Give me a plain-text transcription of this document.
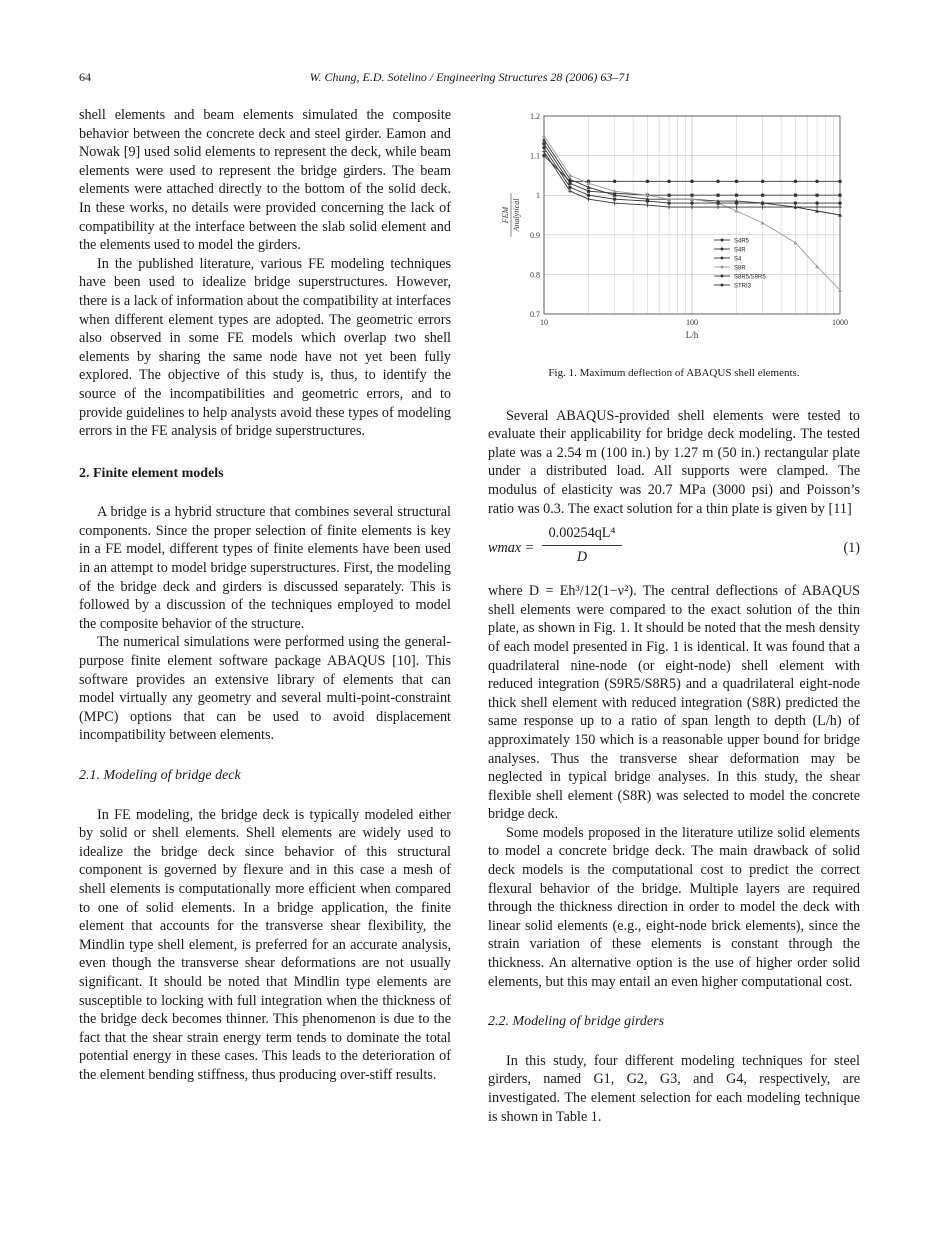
64	W. Chung, E.D. Sotelino / Engineering Structures 28 (2006) 63–71

shell elements and beam elements simulated the composite behavior between the concrete deck and steel girder. Eamon and Nowak [9] used solid elements to represent the deck, while beam elements were used to represent the bridge girders. The beam elements were attached directly to the bottom of the solid deck. In these works, no details were provided concerning the lack of compatibility at the interface between the slab solid element and the elements used to model the girders.

In the published literature, various FE modeling techniques have been used to idealize bridge superstructures. However, there is a lack of information about the compatibility at interfaces when different element types are adopted. The geometric errors also observed in some FE models which overlap two shell elements by sharing the same node have not yet been fully explored. The objective of this study is, thus, to identify the source of the incompatibilities and geometric errors, and to provide guidelines to help analysts avoid these types of modeling errors in the FE analysis of bridge superstructures.

2. Finite element models

A bridge is a hybrid structure that combines several structural components. Since the proper selection of finite elements is key in a FE model, different types of finite elements have been used in an attempt to model bridge superstructures. First, the modeling of the bridge deck and girders is discussed separately. This is followed by a discussion of the techniques employed to model the composite behavior of the structure.

The numerical simulations were performed using the general-purpose finite element software package ABAQUS [10]. This software provides an extensive library of elements that can model virtually any geometry and several multi-point-constraint (MPC) options that can be used to avoid displacement incompatibility between elements.

2.1. Modeling of bridge deck

In FE modeling, the bridge deck is typically modeled either by solid or shell elements. Shell elements are widely used to idealize the bridge deck since behavior of this structural component is governed by flexure and in this case a mesh of shell elements is computationally more efficient when compared to one of solid elements. In a bridge application, the finite element that accounts for the transverse shear flexibility, the Mindlin type shell element, is preferred for an accurate analysis, even though the transverse shear deformations are not usually significant. It should be noted that Mindlin type elements are susceptible to locking with full integration when the thickness of the bridge deck becomes thinner. This phenomenon is due to the fact that the shear strain energy term tends to dominate the total potential energy in these cases. This leads to the deterioration of the element bending stiffness, thus producing over-stiff results.

0.7
0.8
0.9
1
1.1
1.2
10	100	1000
L/h
FEM Analytical
S4R5
S4R
S4
S8R
S8R5/S9R5
STRI3
Fig. 1. Maximum deflection of ABAQUS shell elements.

Several ABAQUS-provided shell elements were tested to evaluate their applicability for bridge deck modeling. The tested plate was a 2.54 m (100 in.) by 1.27 m (50 in.) rectangular plate under a distributed load. All supports were clamped. The modulus of elasticity was 20.7 MPa (3000 psi) and Poisson’s ratio was 0.3. The exact solution for a thin plate is given by [11]

$wmax = \frac{\text{0.00254qL⁴}}{D}$	(1)

where D = Eh³/12(1−ν²). The central deflections of ABAQUS shell elements were compared to the exact solution of the thin plate, as shown in Fig. 1. It should be noted that the mesh density of each model presented in Fig. 1 is identical. It was found that a quadrilateral nine-node (or eight-node) shell element with reduced integration (S9R5/S8R5) and a quadrilateral eight-node thick shell element with reduced integration (S8R) predicted the same response up to a ratio of span length to depth (L/h) of approximately 150 which is a reasonable upper bound for bridge analyses. Thus the transverse shear deformation may be neglected in typical bridge analyses. In this study, the shear flexible shell element (S8R) was selected to model the concrete bridge deck.

Some models proposed in the literature utilize solid elements to model a concrete bridge deck. The main drawback of solid deck models is the computational cost to predict the correct flexural behavior of the bridge. Multiple layers are required through the thickness direction in order to model the deck with linear solid elements (e.g., eight-node brick elements), since the strain variation of these elements is constant through the thickness. An alternative option is the use of higher order solid elements, but this may entail an even higher computational cost.

2.2. Modeling of bridge girders

In this study, four different modeling techniques for steel girders, named G1, G2, G3, and G4, respectively, are investigated. The element selection for each modeling technique is shown in Table 1.
